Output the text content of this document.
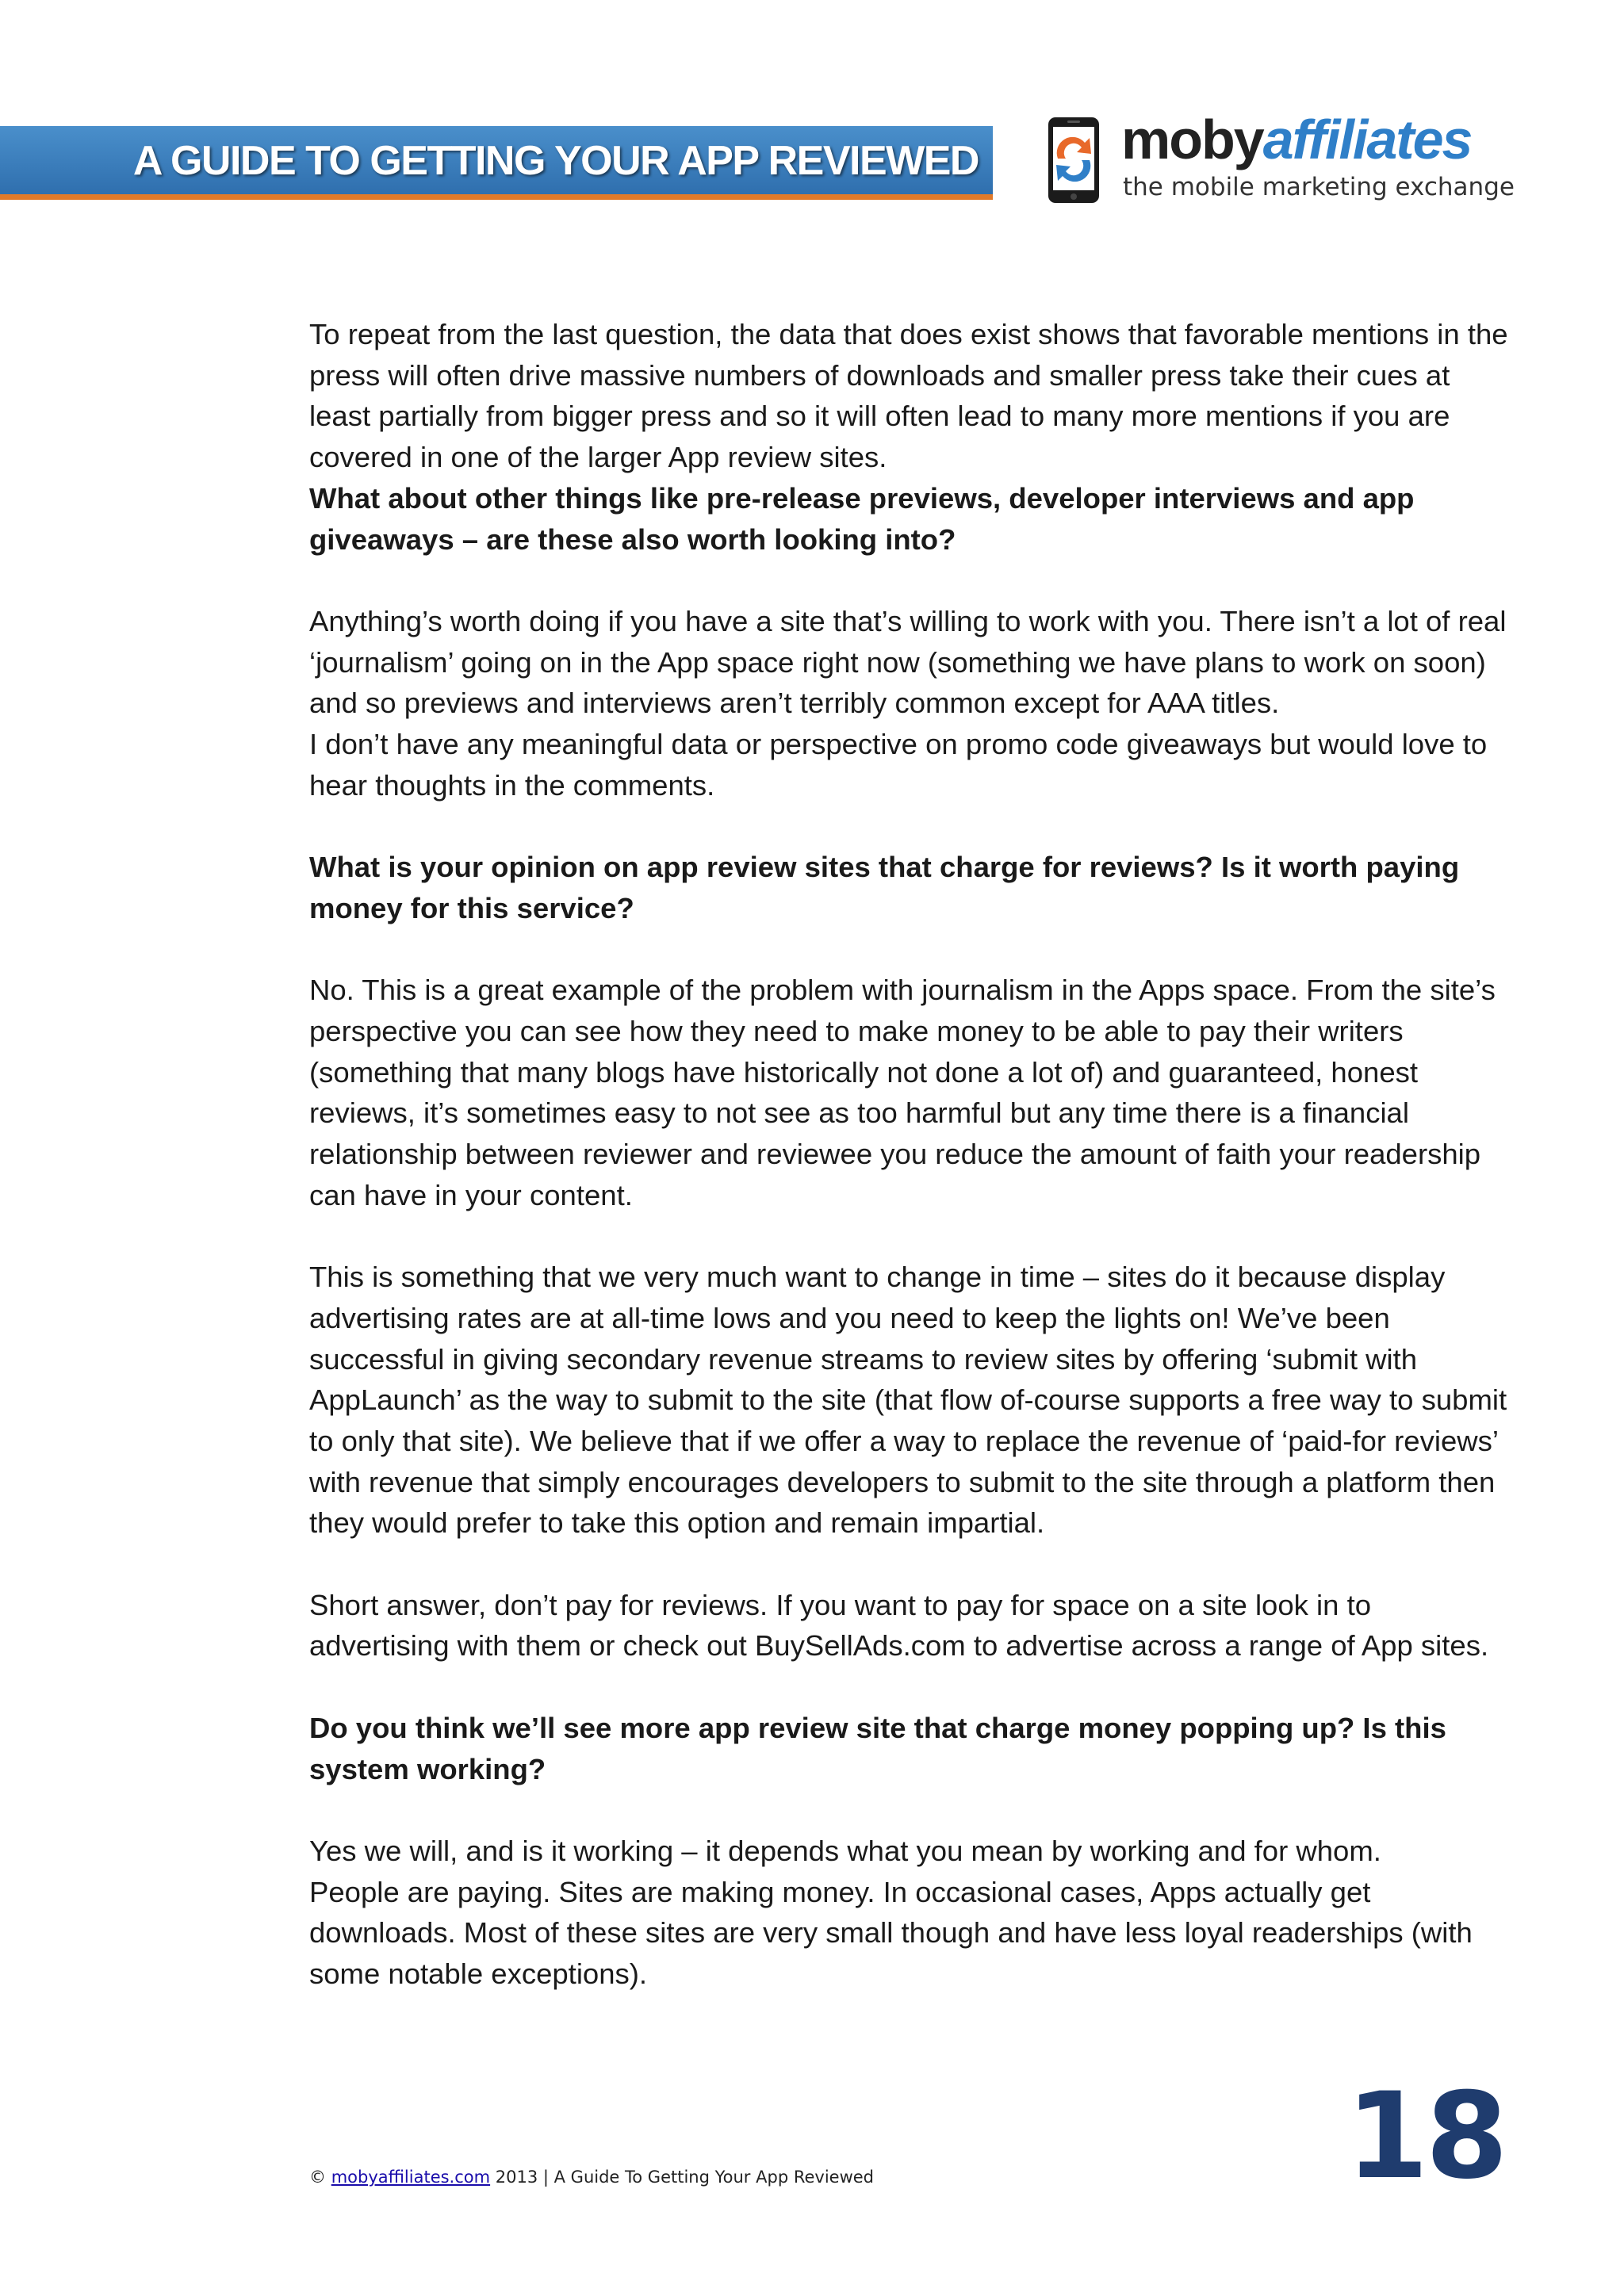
A GUIDE TO GETTING YOUR APP REVIEWED	mobyaffiliates
the mobile marketing exchange

To repeat from the last question, the data that does exist shows that favorable mentions in the press will often drive massive numbers of downloads and smaller press take their cues at least partially from bigger press and so it will often lead to many more mentions if you are covered in one of the larger App review sites.

What about other things like pre-release previews, developer interviews and app giveaways – are these also worth looking into?

Anything’s worth doing if you have a site that’s willing to work with you. There isn’t a lot of real ‘journalism’ going on in the App space right now (something we have plans to work on soon) and so previews and interviews aren’t terribly common except for AAA titles.

I don’t have any meaningful data or perspective on promo code giveaways but would love to hear thoughts in the comments.

What is your opinion on app review sites that charge for reviews? Is it worth paying money for this service?

No. This is a great example of the problem with journalism in the Apps space. From the site’s perspective you can see how they need to make money to be able to pay their writers (something that many blogs have historically not done a lot of) and guaranteed, honest reviews, it’s sometimes easy to not see as too harmful but any time there is a financial relationship between reviewer and reviewee you reduce the amount of faith your readership can have in your content.

This is something that we very much want to change in time – sites do it because display advertising rates are at all-time lows and you need to keep the lights on! We’ve been successful in giving secondary revenue streams to review sites by offering ‘submit with AppLaunch’ as the way to submit to the site (that flow of-course supports a free way to submit to only that site). We believe that if we offer a way to replace the revenue of ‘paid-for reviews’ with revenue that simply encourages developers to submit to the site through a platform then they would prefer to take this option and remain impartial.

Short answer, don’t pay for reviews. If you want to pay for space on a site look in to advertising with them or check out BuySellAds.com to advertise across a range of App sites.

Do you think we’ll see more app review site that charge money popping up? Is this system working?

Yes we will, and is it working – it depends what you mean by working and for whom.

People are paying. Sites are making money. In occasional cases, Apps actually get downloads. Most of these sites are very small though and have less loyal readerships (with some notable exceptions).

© mobyaffiliates.com 2013 | A Guide To Getting Your App Reviewed	18
